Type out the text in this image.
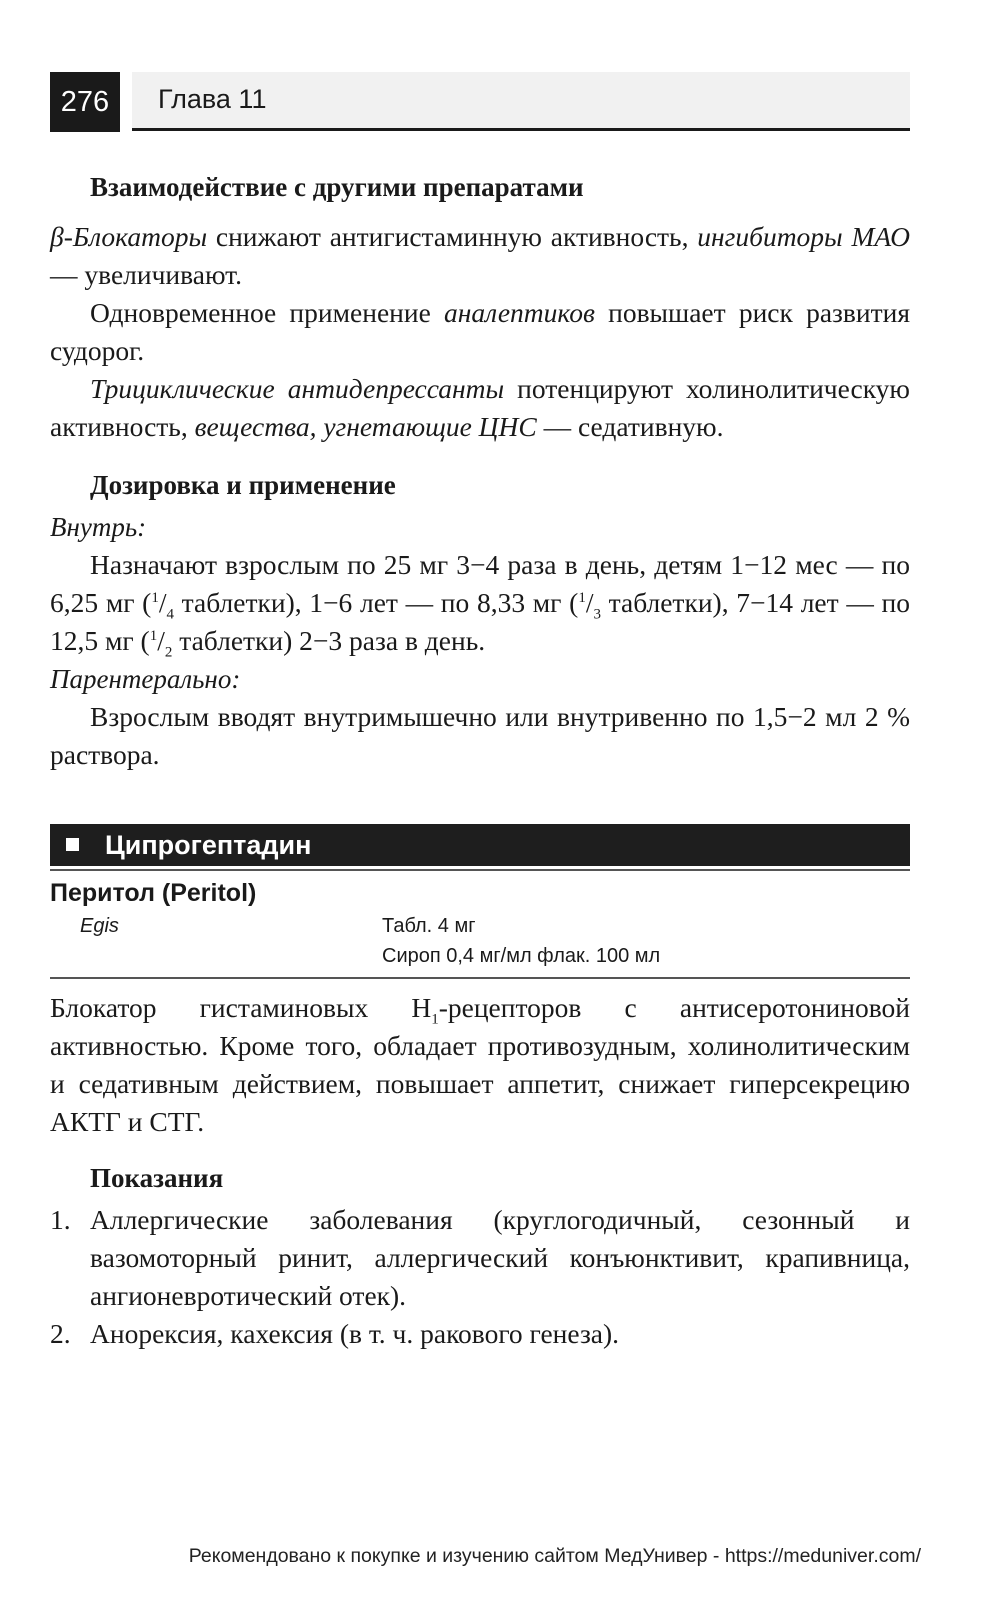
276	Глава 11
Взаимодействие с другими препаратами

β-Блокаторы снижают антигистаминную активность, ингибиторы МАО — увеличивают.

Одновременное применение аналептиков повышает риск развития судорог.

Трициклические антидепрессанты потенцируют холинолитическую активность, вещества, угнетающие ЦНС — седативную.

Дозировка и применение
Внутрь:

Назначают взрослым по 25 мг 3−4 раза в день, детям 1−12 мес — по 6,25 мг ($^1/_4$ таблетки), 1−6 лет — по 8,33 мг ($^1/_3$ таблетки), 7−14 лет — по 12,5 мг ($^1/_2$ таблетки) 2−3 раза в день.

Парентерально:

Взрослым вводят внутримышечно или внутривенно по 1,5−2 мл 2 % раствора.

Ципрогептадин
Перитол (Peritol)
Egis	Табл. 4 мг
Сироп 0,4 мг/мл флак. 100 мл

Блокатор гистаминовых $H_1$-рецепторов с антисеротониновой активностью. Кроме того, обладает противозудным, холинолитическим и седативным действием, повышает аппетит, снижает гиперсекрецию АКТГ и СТГ.

Показания
1. Аллергические заболевания (круглогодичный, сезонный и вазомоторный ринит, аллергический конъюнктивит, крапивница, ангионевротический отек).
2. Анорексия, кахексия (в т. ч. ракового генеза).
Рекомендовано к покупке и изучению сайтом МедУнивер - https://meduniver.com/
